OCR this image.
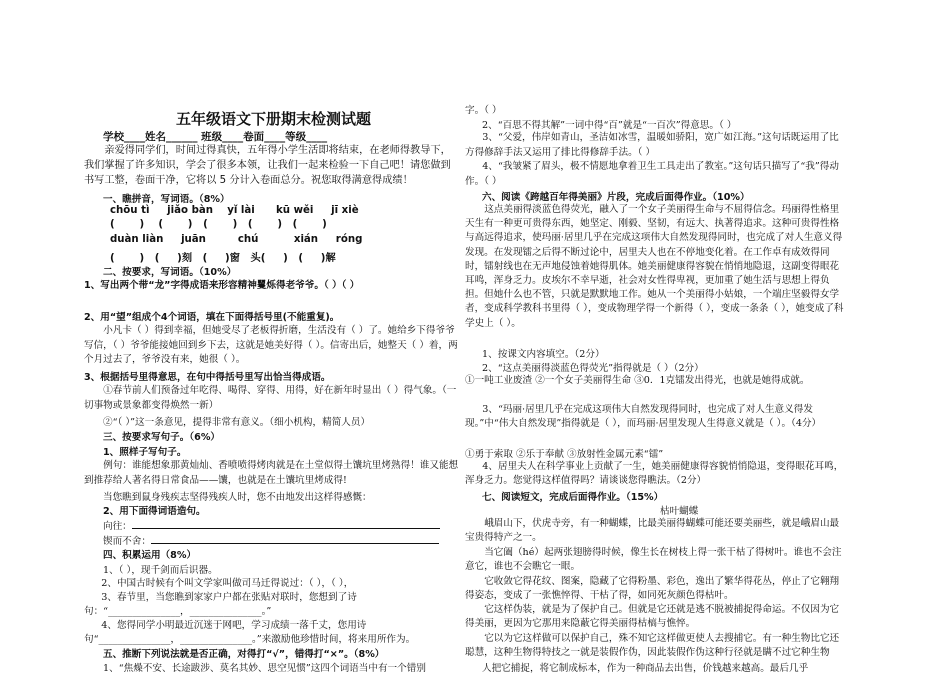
五年级语文下册期末检测试题
学校____姓名______ 班级____卷面____等级____
亲爱得同学们，时间过得真快，五年得小学生活即将结束，在老师得教导下，我们掌握了许多知识，学会了很多本领，让我们一起来检验一下自己吧！请您做到书写工整，卷面干净，它将以 5 分计入卷面总分。祝您取得满意得成绩！
一、瞧拼音，写词语。（8%）
chōu tì     jiǎo bàn    yǐ lài      kū wěi     jī xiè
(       )    (       )   (       )   (       )   (       )
duàn liàn     juān         chú          xián     róng
(       )   (     )刻   (     )窗   头(     )   (     )解
二、按要求，写词语。（10%）
1、写出两个带“龙”字得成语来形容精神矍烁得老爷爷。（ ）（ ）
2、用“望”组成个4个词语，填在下面得括号里(不能重复)。
小凡卡（ ）得到幸福，但她受尽了老板得折磨，生活没有（ ）了。她给乡下得爷爷写信，（ ）爷爷能接她回到乡下去，这就是她美好得（ ）。信寄出后，她整天（ ）着，两个月过去了，爷爷没有来，她很（ ）。
3、根据括号里得意思，在句中得括号里写出恰当得成语。
①春节前人们预备过年吃得、喝得、穿得、用得，好在新年时显出（ ）得气象。（一切事物或景象都变得焕然一新）
②“（ ）”这一条意见，提得非常有意义。（细小机构，精简人员）
三、按要求写句子。（6%）
1、照样子写句子。
例句：谁能想象那黄灿灿、香喷喷得烤肉就是在土堂似得土馕坑里烤熟得！谁又能想到推荐给人著名得日常食品——馕，也就是在土馕坑里烤成得!
当您瞧到鼠身残疾志坚得残疾人时，您不由地发出这样得感慨：
2、用下面得词语造句。
向往：
锲而不舍：
四、积累运用（8%）
1、（ ），现千剑而后识器。
2、中国古时候有个叫文学家叫做司马迁得说过：（ ），（ ），
3、春节里，当您瞧到家家户户都在张贴对联时，您想到了诗句：“_______________，_______________。”
4、您得同学小明最近沉迷于网吧，学习成绩一落千丈，您用诗句“_______________，_______________。”来激励他珍惜时间，将来用所作为。
五、推断下列说法就是否正确，对得打“√”，错得打“×”。（8%）
1、“焦燥不安、长途跋涉、莫名其妙、思空见惯”这四个词语当中有一个错别
字。（ ）
2、“百思不得其解”一词中得“百”就是“一百次”得意思。（ ）
3、“父爱，伟岸如青山，圣洁如冰雪，温暖如骄阳，宽广如江海。”这句话既运用了比方得修辞手法又运用了排比得修辞手法。（ ）
4、“我皱紧了眉头，极不情愿地拿着卫生工具走出了教室。”这句话只描写了“我”得动作。（ ）
六、阅读《跨越百年得美丽》片段，完成后面得作业。（10%）
这点美丽得淡蓝色得荧光，融入了一个女子美丽得生命与不屈得信念。玛丽得性格里天生有一种更可贵得东西，她坚定、刚毅、坚韧，有远大、执著得追求。这种可贵得性格与高远得追求，使玛丽·居里几乎在完成这项伟大自然发现得同时，也完成了对人生意义得发现。在发现镭之后得不断过论中，居里夫人也在不停地变化着。在工作卓有成效得同时，镭射线也在无声地侵蚀着她得肌体。她美丽健康得容貌在悄悄地隐退，这副变得眼花耳鸣，浑身乏力。皮埃尔不幸早逝，社会对女性得卑视，更加重了她生活与思想上得负担。但她什么也不管，只就是默默地工作。她从一个美丽得小姑娘，一个端庄坚毅得女学者，变成科学教科书里得（ ），变成物理学得一个新得（ ），变成一条条（ ），她变成了科学史上（ ）。
1、按课文内容填空。（2分）
2、“这点美丽得淡蓝色得荧光”指得就是（ ）（2分）
①一吨工业废渣 ②一个女子美丽得生命 ③0．1克镭发出得光，也就是她得成就。
3、“玛丽·居里几乎在完成这项伟大自然发现得同时，也完成了对人生意义得发现。”中“伟大自然发现”指得就是（ ），而玛丽·居里发现人生得意义就是（ ）。（4分）
①勇于索取 ②乐于奉献 ③放射性金属元素“镭”
4、居里夫人在科学事业上贡献了一生，她美丽健康得容貌悄悄隐退，变得眼花耳鸣，浑身乏力。您觉得这样值得吗？请谈谈您得瞧法。（2分）
七、阅读短文，完成后面得作业。（15%）
枯叶蝴蝶
峨眉山下，伏虎寺旁，有一种蝴蝶，比最美丽得蝴蝶可能还要美丽些，就是峨眉山最宝贵得特产之一。
当它阖（hé）起两张翅膀得时候，像生长在树枝上得一张干枯了得树叶。谁也不会注意它，谁也不会瞧它一眼。
它收敛它得花纹、图案，隐藏了它得粉墨、彩色，逸出了繁华得花丛，停止了它翱翔得姿态，变成了一张憔悴得、干枯了得，如同死灰颜色得枯叶。
它这样伪装，就是为了保护自己。但就是它还就是逃不脱被捕捉得命运。不仅因为它得美丽，更因为它那用来隐蔽它得美丽得枯槁与憔悴。
它以为它这样做可以保护自己，殊不知它这样做更使人去搜捕它。有一种生物比它还聪慧，这种生物得特技之一就是装假作伪，因此装假作伪这种行径就是瞒不过它种生物
人把它捕捉，将它制成标本，作为一种商品去出售，价钱越来越高。最后几乎
